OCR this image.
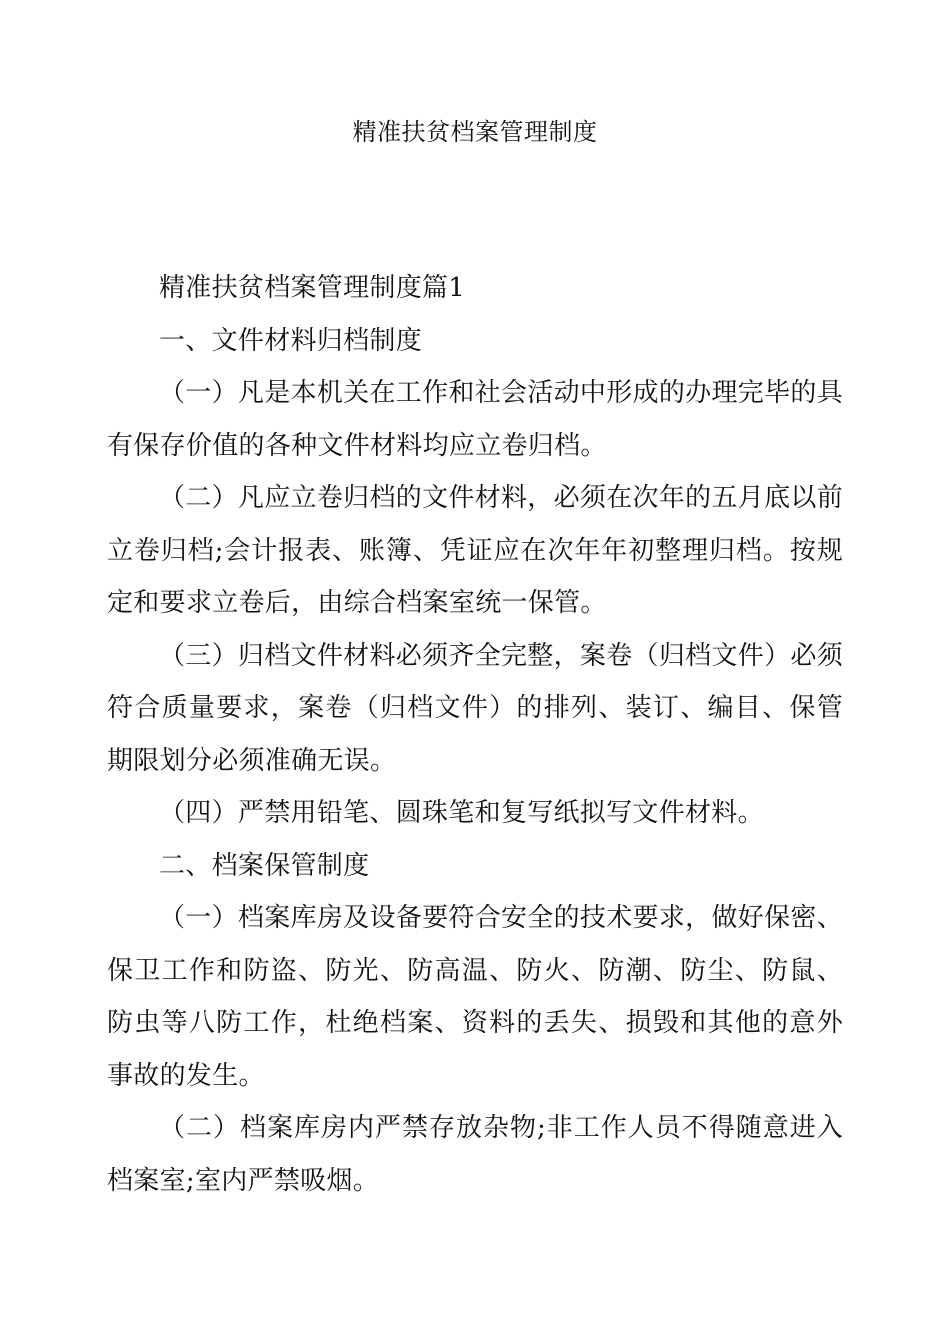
精准扶贫档案管理制度

精准扶贫档案管理制度篇1

一、文件材料归档制度

（一）凡是本机关在工作和社会活动中形成的办理完毕的具有保存价值的各种文件材料均应立卷归档。

（二）凡应立卷归档的文件材料，必须在次年的五月底以前立卷归档;会计报表、账簿、凭证应在次年年初整理归档。按规定和要求立卷后，由综合档案室统一保管。

（三）归档文件材料必须齐全完整，案卷（归档文件）必须符合质量要求，案卷（归档文件）的排列、装订、编目、保管期限划分必须准确无误。

（四）严禁用铅笔、圆珠笔和复写纸拟写文件材料。

二、档案保管制度

（一）档案库房及设备要符合安全的技术要求，做好保密、保卫工作和防盗、防光、防高温、防火、防潮、防尘、防鼠、防虫等八防工作，杜绝档案、资料的丢失、损毁和其他的意外事故的发生。

（二）档案库房内严禁存放杂物;非工作人员不得随意进入档案室;室内严禁吸烟。
